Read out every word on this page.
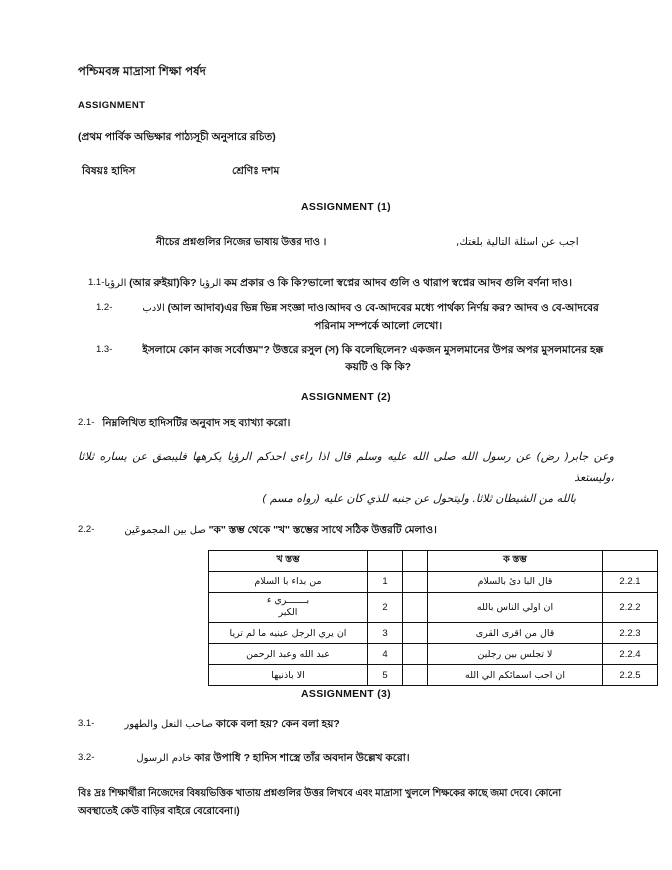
পশ্চিমবঙ্গ মাদ্রাসা শিক্ষা পর্ষদ
ASSIGNMENT
(প্রথম পার্বিক অভিক্ষার পাঠ্যসূচী অনুসারে রচিত)
বিষয়ঃ হাদিস	শ্রেণিঃ দশম
ASSIGNMENT (1)
নীচের প্রশ্নগুলির নিজের ভাষায় উত্তর দাও ।	اجب عن اسئلة التالية بلغتك,
1.1- الرؤيا (আর রুইয়া)কি? الرؤيا কম প্রকার ও কি কি?ভালো স্বপ্নের আদব গুলি ও থারাপ স্বপ্নের আদব গুলি বর্ণনা দাও।
1.2-	الادب (আল আদাব)এর ভিন্ন ভিন্ন সংজ্ঞা দাও।আদব ও বে-আদবের মধ্যে পার্থক্য নির্ণয় কর? আদব ও বে-আদবের
পরিনাম সম্পর্কে আলো লেখো।
1.3-	ইসলামে কোন কাজ সর্বোত্তম"? উত্তরে রসুল (স) কি বলেছিলেন? একজন মুসলমানের উপর অপর মুসলমানের হক্ক
কয়টি ও কি কি?
ASSIGNMENT (2)
2.1- নিম্নলিখিত হাদিসটির অনুবাদ সহ ব্যাখ্যা করো।
وعن جابر( رض) عن رسول الله صلى الله عليه وسلم قال اذا راءى احدكم الرؤيا يكرهها فليبصق عن يساره ثلاثا ،وليستعذ
بالله من الشيطان ثلاثا. وليتحول عن جنبه للذي كان عليه (رواه مسم )
2.2-	صل بين المجموعَين "ক" স্তম্ভ থেকে "খ" স্তম্ভের সাথে সঠিক উত্তরটি মেলাও।
খ স্তম্ভ			ক স্তম্ভ	
من بداء با السلام	1		قال البا دئ بالسلام	2.2.1

بـــــــري ء
الكبر	2		ان اولي الناس بالله	2.2.2
ان يري الرجل عينيه ما لم تريا	3		قال من اقرى القرى	2.2.3
عبد الله وعبد الرحمن	4		لا تجلس بين رجلين	2.2.4
الا باذنيها	5		ان احب اسمائكم الي الله	2.2.5
ASSIGNMENT (3)
3.1-	صاحب النعل والطهور কাকে বলা হয়? কেন বলা হয়?
3.2-	خادم الرسول কার উপাধি ? হাদিস শাস্ত্রে তাঁর অবদান উল্লেখ করো।
বিঃ দ্রঃ শিক্ষার্থীরা নিজেদের বিষয়ভিত্তিক খাতায় প্রশ্নগুলির উত্তর লিখবে এবং মাদ্রাসা খুললে শিক্ষকের কাছে জমা দেবে। কোনো
অবস্থাতেই কেউ বাড়ির বাইরে বেরোবেনা।)
